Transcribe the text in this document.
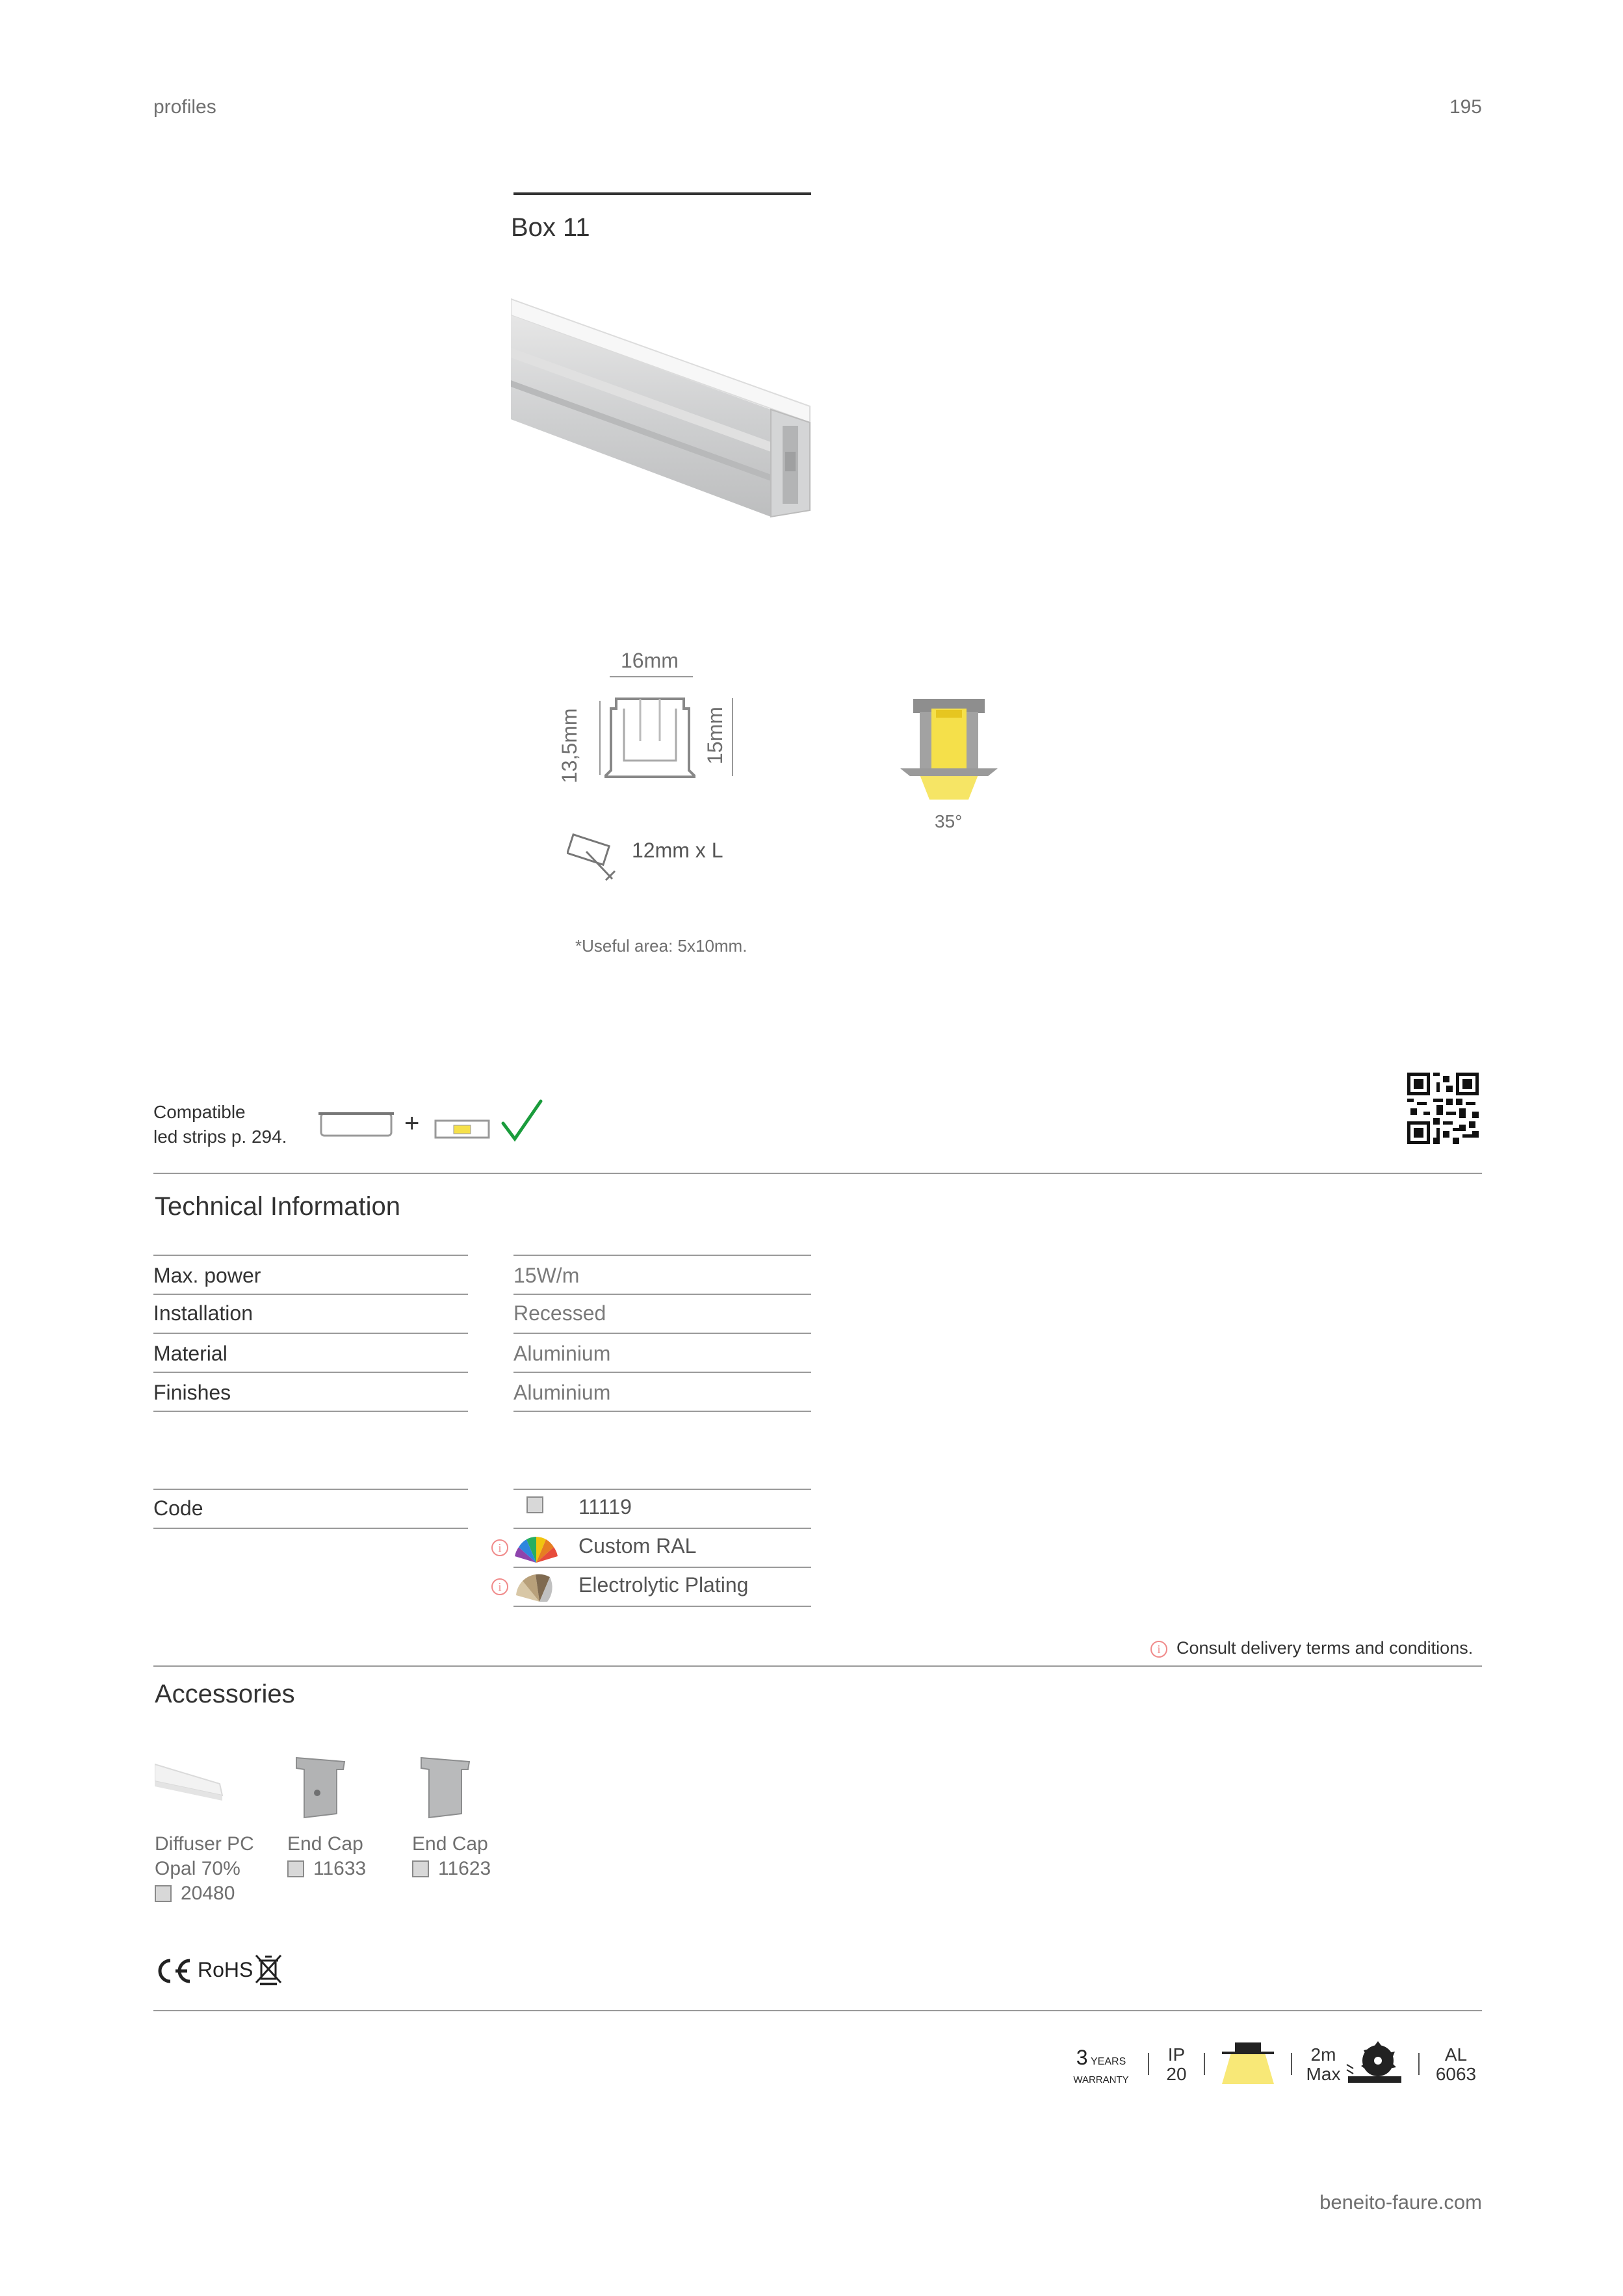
profiles	195
Box 11
16mm
13,5mm	15mm
35°
12mm x L
*Useful area: 5x10mm.
Compatible
led strips p. 294.	+
Technical Information
Max. power	15W/m
Installation	Recessed
Material	Aluminium
Finishes	Aluminium
Code	11119
i	Custom RAL
i	Electrolytic Plating
i Consult delivery terms and conditions.
Accessories
Diffuser PC
Opal 70%
20480
End Cap
11633
End Cap
11623
RoHS
3 YEARS
WARRANTY
IP
20
2m
Max
AL
6063
beneito-faure.com
